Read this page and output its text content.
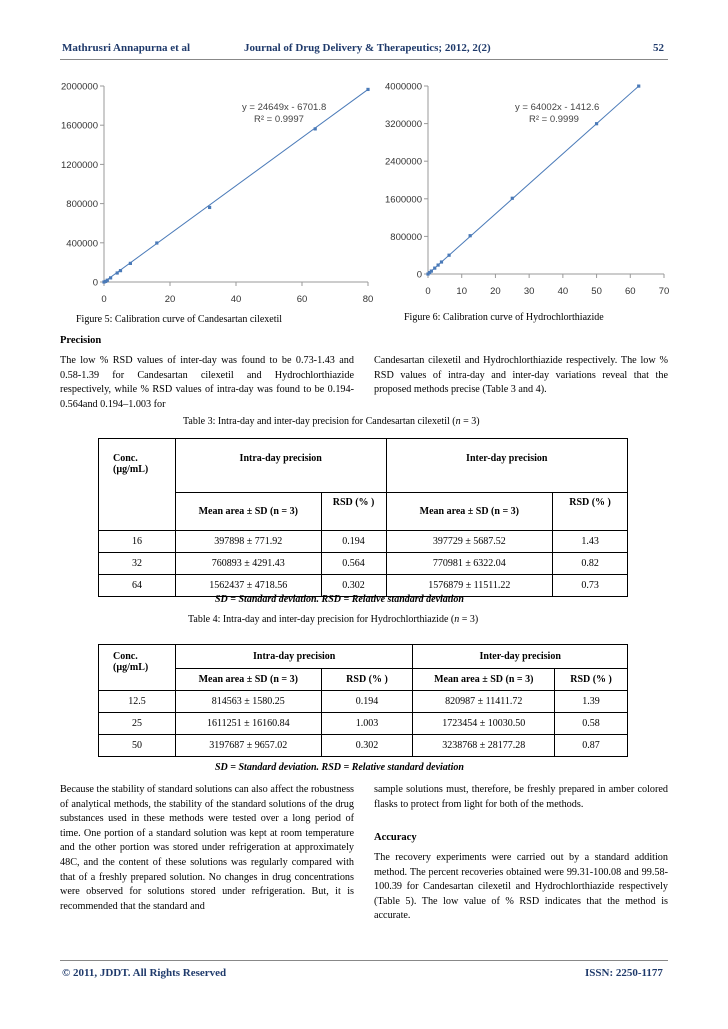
Mathrusri Annapurna et al	Journal of Drug Delivery & Therapeutics; 2012, 2(2)	52
0
400000
800000
1200000
1600000
2000000
0	20	40	60	80
y = 24649x - 6701.8
R² = 0.9997
Figure 5: Calibration curve of Candesartan cilexetil
0
800000
1600000
2400000
3200000
4000000
0	10 20 30 40 50 60 70
y = 64002x - 1412.6
R² = 0.9999
Figure 6: Calibration curve of Hydrochlorthiazide
Precision
The low % RSD values of inter-day was found to be 0.73-1.43 and 0.58-1.39 for Candesartan cilexetil and Hydrochlorthiazide respectively, while % RSD values of intra-day was found to be 0.194-0.564and 0.194–1.003 for
Candesartan cilexetil and Hydrochlorthiazide respectively. The low % RSD values of intra-day and inter-day variations reveal that the proposed methods precise (Table 3 and 4).
Table 3: Intra-day and inter-day precision for Candesartan cilexetil (n = 3)
Conc. (µg/mL)	Intra-day precision		Inter-day precision	
	Mean area ± SD (n = 3)	RSD (% )	Mean area ± SD (n = 3)	RSD (% )
16	397898 ± 771.92	0.194	397729 ± 5687.52	1.43
32	760893 ± 4291.43	0.564	770981 ± 6322.04	0.82
64	1562437 ± 4718.56	0.302	1576879 ± 11511.22	0.73
SD = Standard deviation. RSD = Relative standard deviation
Table 4: Intra-day and inter-day precision for Hydrochlorthiazide (n = 3)
Conc. (µg/mL)	Intra-day precision		Inter-day precision	
	Mean area ± SD (n = 3)	RSD (% )	Mean area ± SD (n = 3)	RSD (% )
12.5	814563 ± 1580.25	0.194	820987 ± 11411.72	1.39
25	1611251 ± 16160.84	1.003	1723454 ± 10030.50	0.58
50	3197687 ± 9657.02	0.302	3238768 ± 28177.28	0.87
SD = Standard deviation. RSD = Relative standard deviation
Because the stability of standard solutions can also affect the robustness of analytical methods, the stability of the standard solutions of the drug substances used in these methods were tested over a long period of time. One portion of a standard solution was kept at room temperature and the other portion was stored under refrigeration at approximately 48C, and the content of these solutions was regularly compared with that of a freshly prepared solution. No changes in drug concentrations were observed for solutions stored under refrigeration. But, it is recommended that the standard and
sample solutions must, therefore, be freshly prepared in amber colored flasks to protect from light for both of the methods.
Accuracy
The recovery experiments were carried out by a standard addition method. The percent recoveries obtained were 99.31-100.08 and 99.58-100.39 for Candesartan cilexetil and Hydrochlorthiazide respectively (Table 5). The low value of % RSD indicates that the method is accurate.
© 2011, JDDT. All Rights Reserved	ISSN: 2250-1177
